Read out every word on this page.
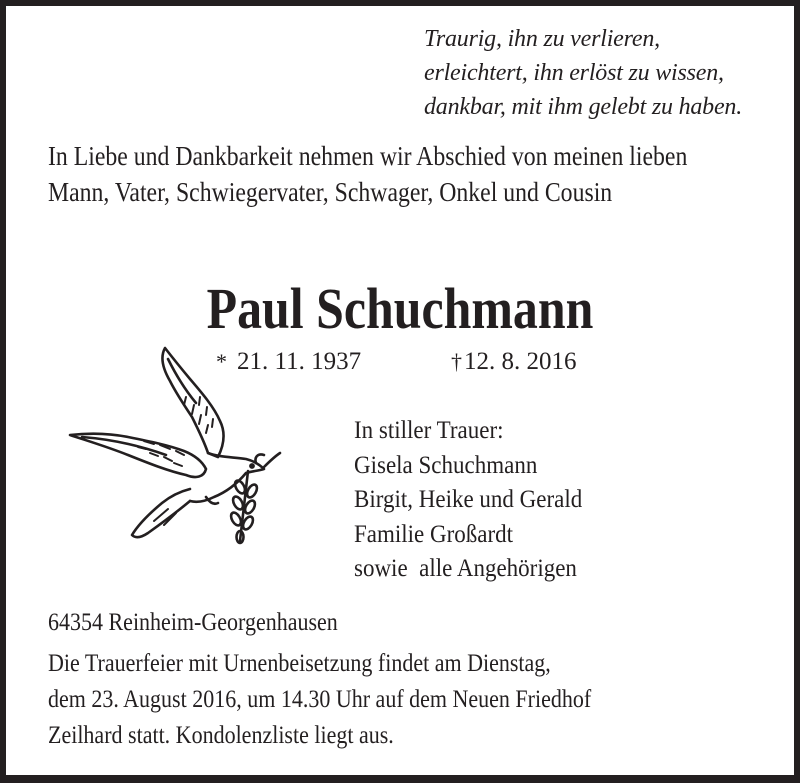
Traurig, ihn zu verlieren,
erleichtert, ihn erlöst zu wissen,
dankbar, mit ihm gelebt zu haben.
In Liebe und Dankbarkeit nehmen wir Abschied von meinen lieben
Mann, Vater, Schwiegervater, Schwager, Onkel und Cousin
Paul Schuchmann
* 21. 11. 1937	†12. 8. 2016
In stiller Trauer:
Gisela Schuchmann
Birgit, Heike und Gerald
Familie Großardt
sowie  alle Angehörigen
64354 Reinheim-Georgenhausen
Die Trauerfeier mit Urnenbeisetzung findet am Dienstag,
dem 23. August 2016, um 14.30 Uhr auf dem Neuen Friedhof
Zeilhard statt. Kondolenzliste liegt aus.
